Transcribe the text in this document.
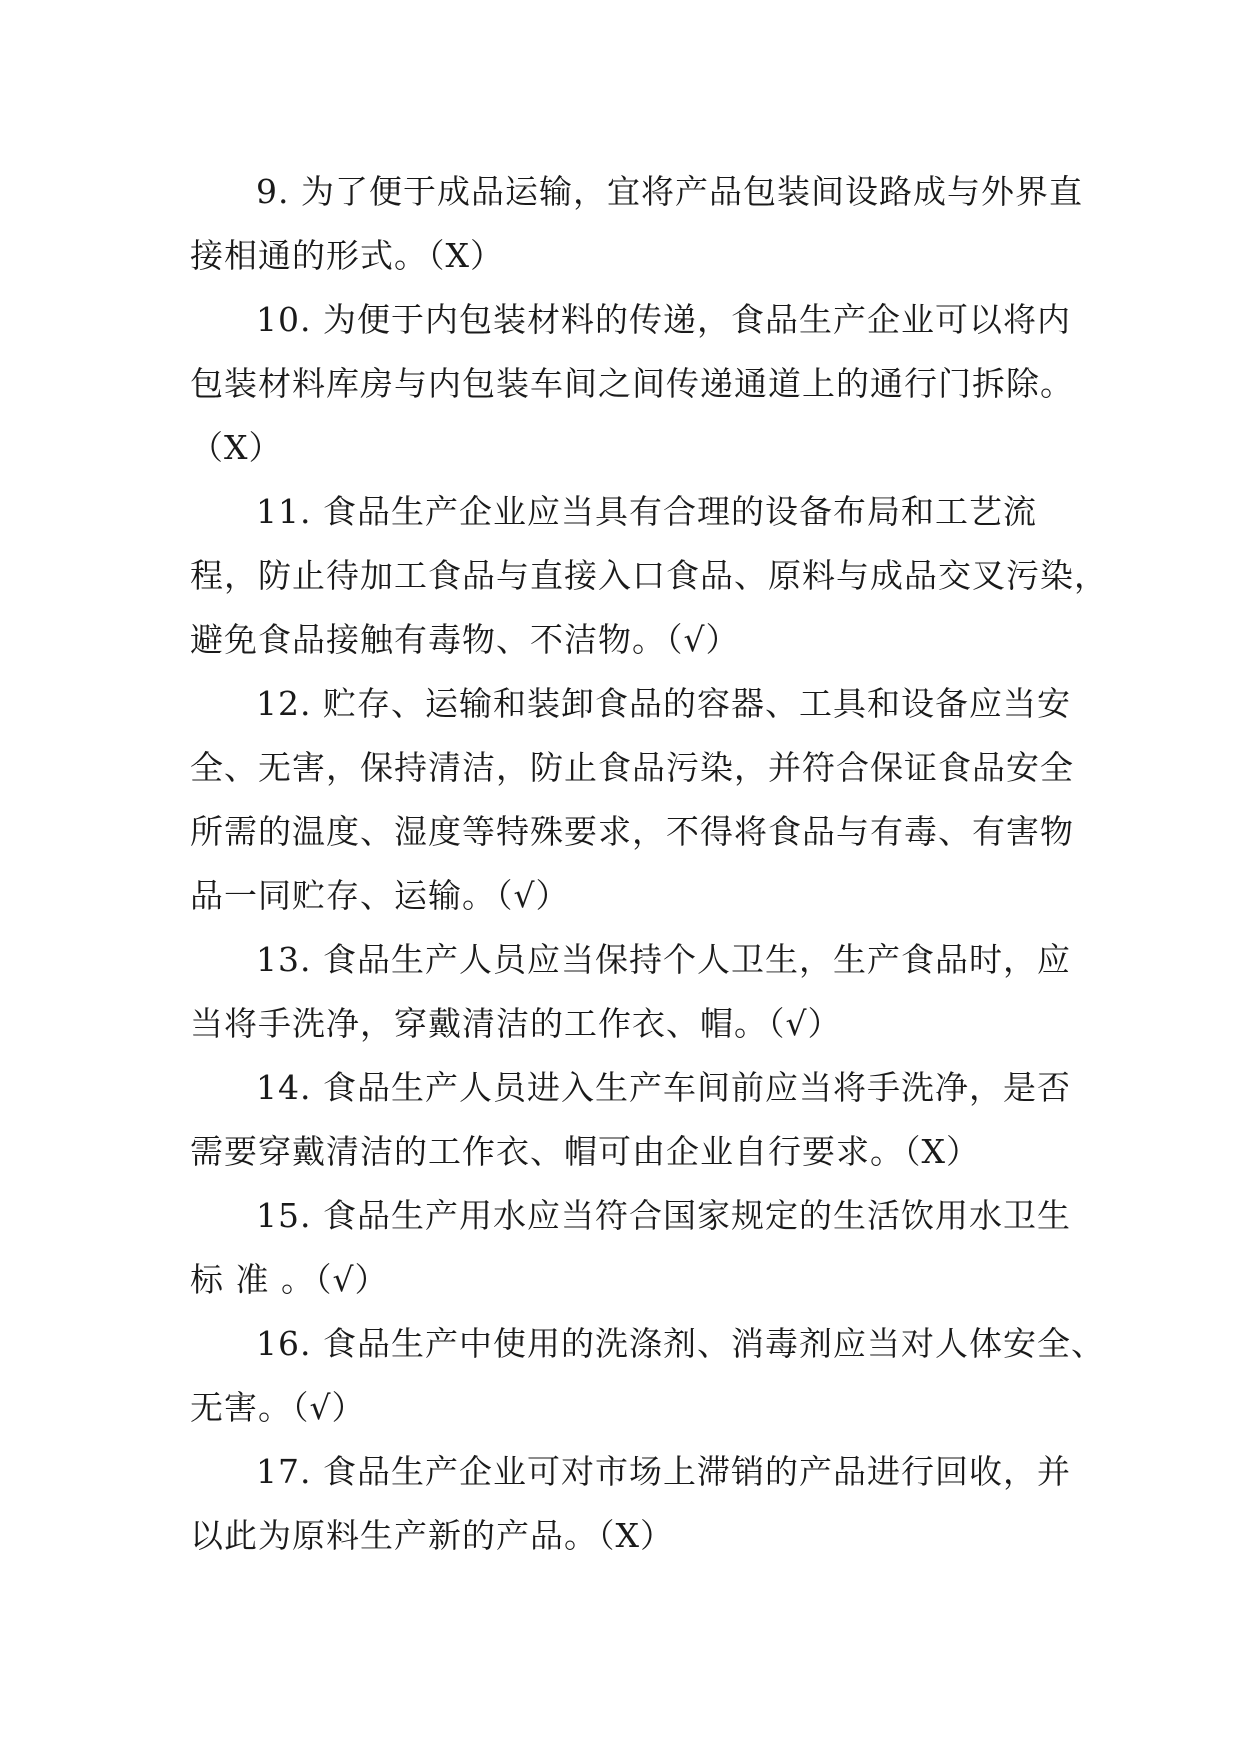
9. 为了便于成品运输，宜将产品包装间设路成与外界直
接相通的形式。（X）
10. 为便于内包装材料的传递，食品生产企业可以将内
包装材料库房与内包装车间之间传递通道上的通行门拆除。
（X）
11. 食品生产企业应当具有合理的设备布局和工艺流
程，防止待加工食品与直接入口食品、原料与成品交叉污染，
避免食品接触有毒物、不洁物。（√）
12. 贮存、运输和装卸食品的容器、工具和设备应当安
全、无害，保持清洁，防止食品污染，并符合保证食品安全
所需的温度、湿度等特殊要求，不得将食品与有毒、有害物
品一同贮存、运输。（√）
13. 食品生产人员应当保持个人卫生，生产食品时，应
当将手洗净，穿戴清洁的工作衣、帽。（√）
14. 食品生产人员进入生产车间前应当将手洗净，是否
需要穿戴清洁的工作衣、帽可由企业自行要求。（X）
15. 食品生产用水应当符合国家规定的生活饮用水卫生
标 准 。（√）
16. 食品生产中使用的洗涤剂、消毒剂应当对人体安全、
无害。（√）
17. 食品生产企业可对市场上滞销的产品进行回收，并
以此为原料生产新的产品。（X）
